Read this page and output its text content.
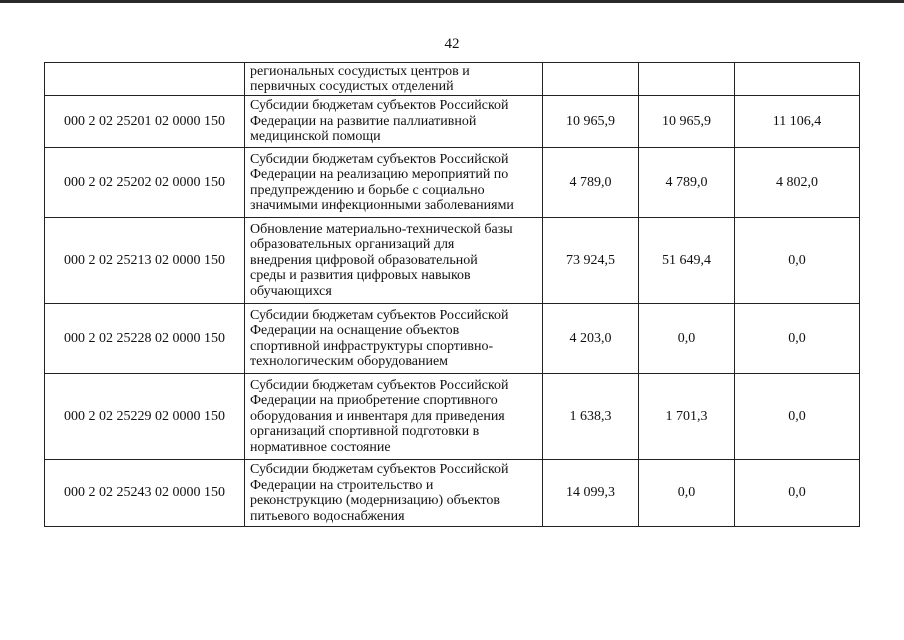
42
	региональных сосудистых центров и
первичных сосудистых отделений			
000 2 02 25201 02 0000 150	Субсидии бюджетам субъектов Российской
Федерации на развитие паллиативной
медицинской помощи	10 965,9	10 965,9	11 106,4
000 2 02 25202 02 0000 150	Субсидии бюджетам субъектов Российской
Федерации на реализацию мероприятий по
предупреждению и борьбе с социально
значимыми инфекционными заболеваниями	4 789,0	4 789,0	4 802,0
000 2 02 25213 02 0000 150	Обновление материально-технической базы
образовательных организаций для
внедрения цифровой образовательной
среды и развития цифровых навыков
обучающихся	73 924,5	51 649,4	0,0
000 2 02 25228 02 0000 150	Субсидии бюджетам субъектов Российской
Федерации на оснащение объектов
спортивной инфраструктуры спортивно-
технологическим оборудованием	4 203,0	0,0	0,0
000 2 02 25229 02 0000 150	Субсидии бюджетам субъектов Российской
Федерации на приобретение спортивного
оборудования и инвентаря для приведения
организаций спортивной подготовки в
нормативное состояние	1 638,3	1 701,3	0,0
000 2 02 25243 02 0000 150	Субсидии бюджетам субъектов Российской
Федерации на строительство и
реконструкцию (модернизацию) объектов
питьевого водоснабжения	14 099,3	0,0	0,0
